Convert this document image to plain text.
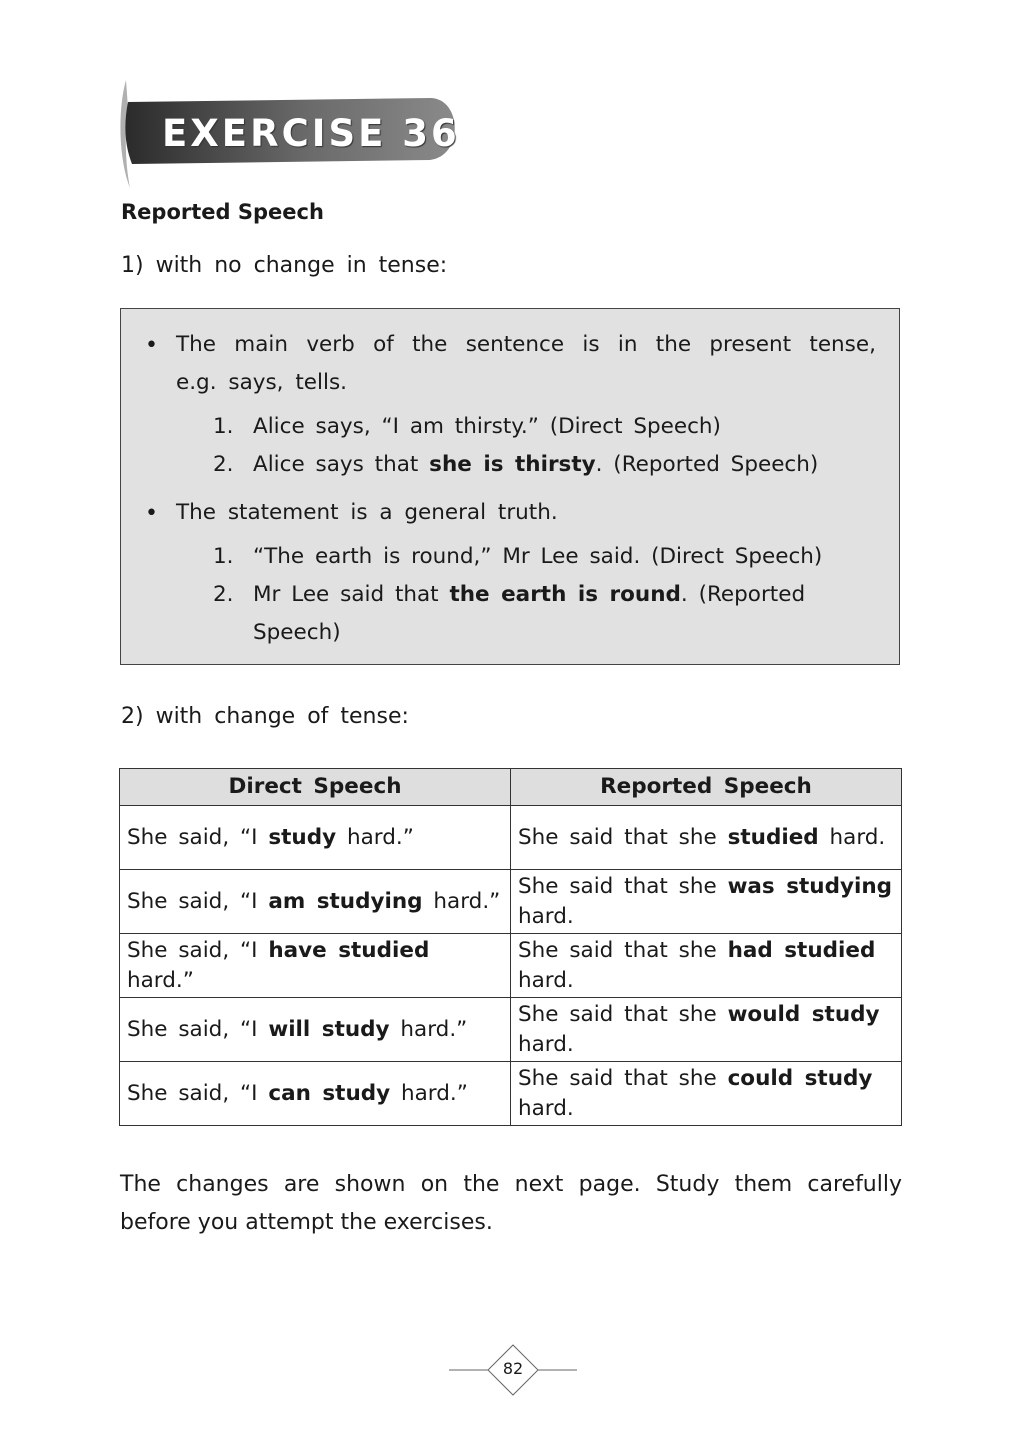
EXERCISE 36
Reported Speech
1) with no change in tense:
• The main verb of the sentence is in the present tense,
e.g. says, tells.
1. Alice says, “I am thirsty.” (Direct Speech)
2. Alice says that she is thirsty. (Reported Speech)
• The statement is a general truth.
1. “The earth is round,” Mr Lee said. (Direct Speech)
2. Mr Lee said that the earth is round. (Reported
Speech)
2) with change of tense:
Direct Speech	Reported Speech
She said, “I study hard.”	She said that she studied hard.
She said, “I am studying hard.”	She said that she was studying hard.
She said, “I have studied hard.”	She said that she had studied hard.
She said, “I will study hard.”	She said that she would study hard.
She said, “I can study hard.”	She said that she could study hard.
The changes are shown on the next page. Study them carefully
before you attempt the exercises.
82
